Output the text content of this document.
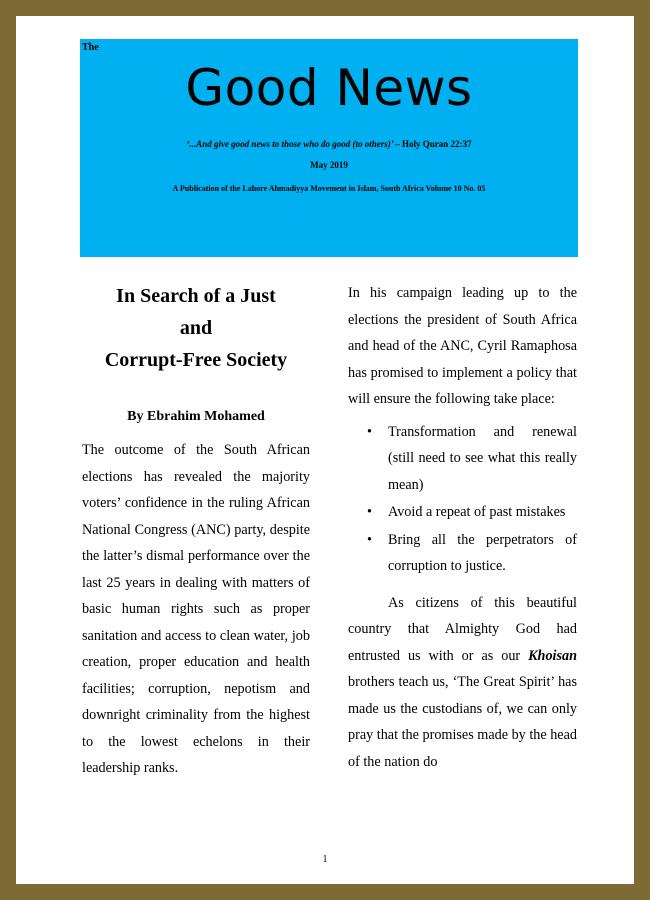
The
Good News
‘...And give good news to those who do good (to others)’ – Holy Quran 22:37
May 2019
A Publication of the Lahore Ahmadiyya Movement in Islam, South Africa Volume 10 No. 05
In Search of a Just
and
Corrupt-Free Society
By Ebrahim Mohamed

The outcome of the South African elections has revealed the majority voters’ confidence in the ruling African National Congress (ANC) party, despite the latter’s dismal performance over the last 25 years in dealing with matters of basic human rights such as proper sanitation and access to clean water, job creation, proper education and health facilities; corruption, nepotism and downright criminality from the highest to the lowest echelons in their leadership ranks.

In his campaign leading up to the elections the president of South Africa and head of the ANC, Cyril Ramaphosa has promised to implement a policy that will ensure the following take place:

• Transformation and renewal (still need to see what this really mean)
• Avoid a repeat of past mistakes
• Bring all the perpetrators of corruption to justice.

As citizens of this beautiful country that Almighty God had entrusted us with or as our Khoisan brothers teach us, ‘The Great Spirit’ has made us the custodians of, we can only pray that the promises made by the head of the nation do

1
